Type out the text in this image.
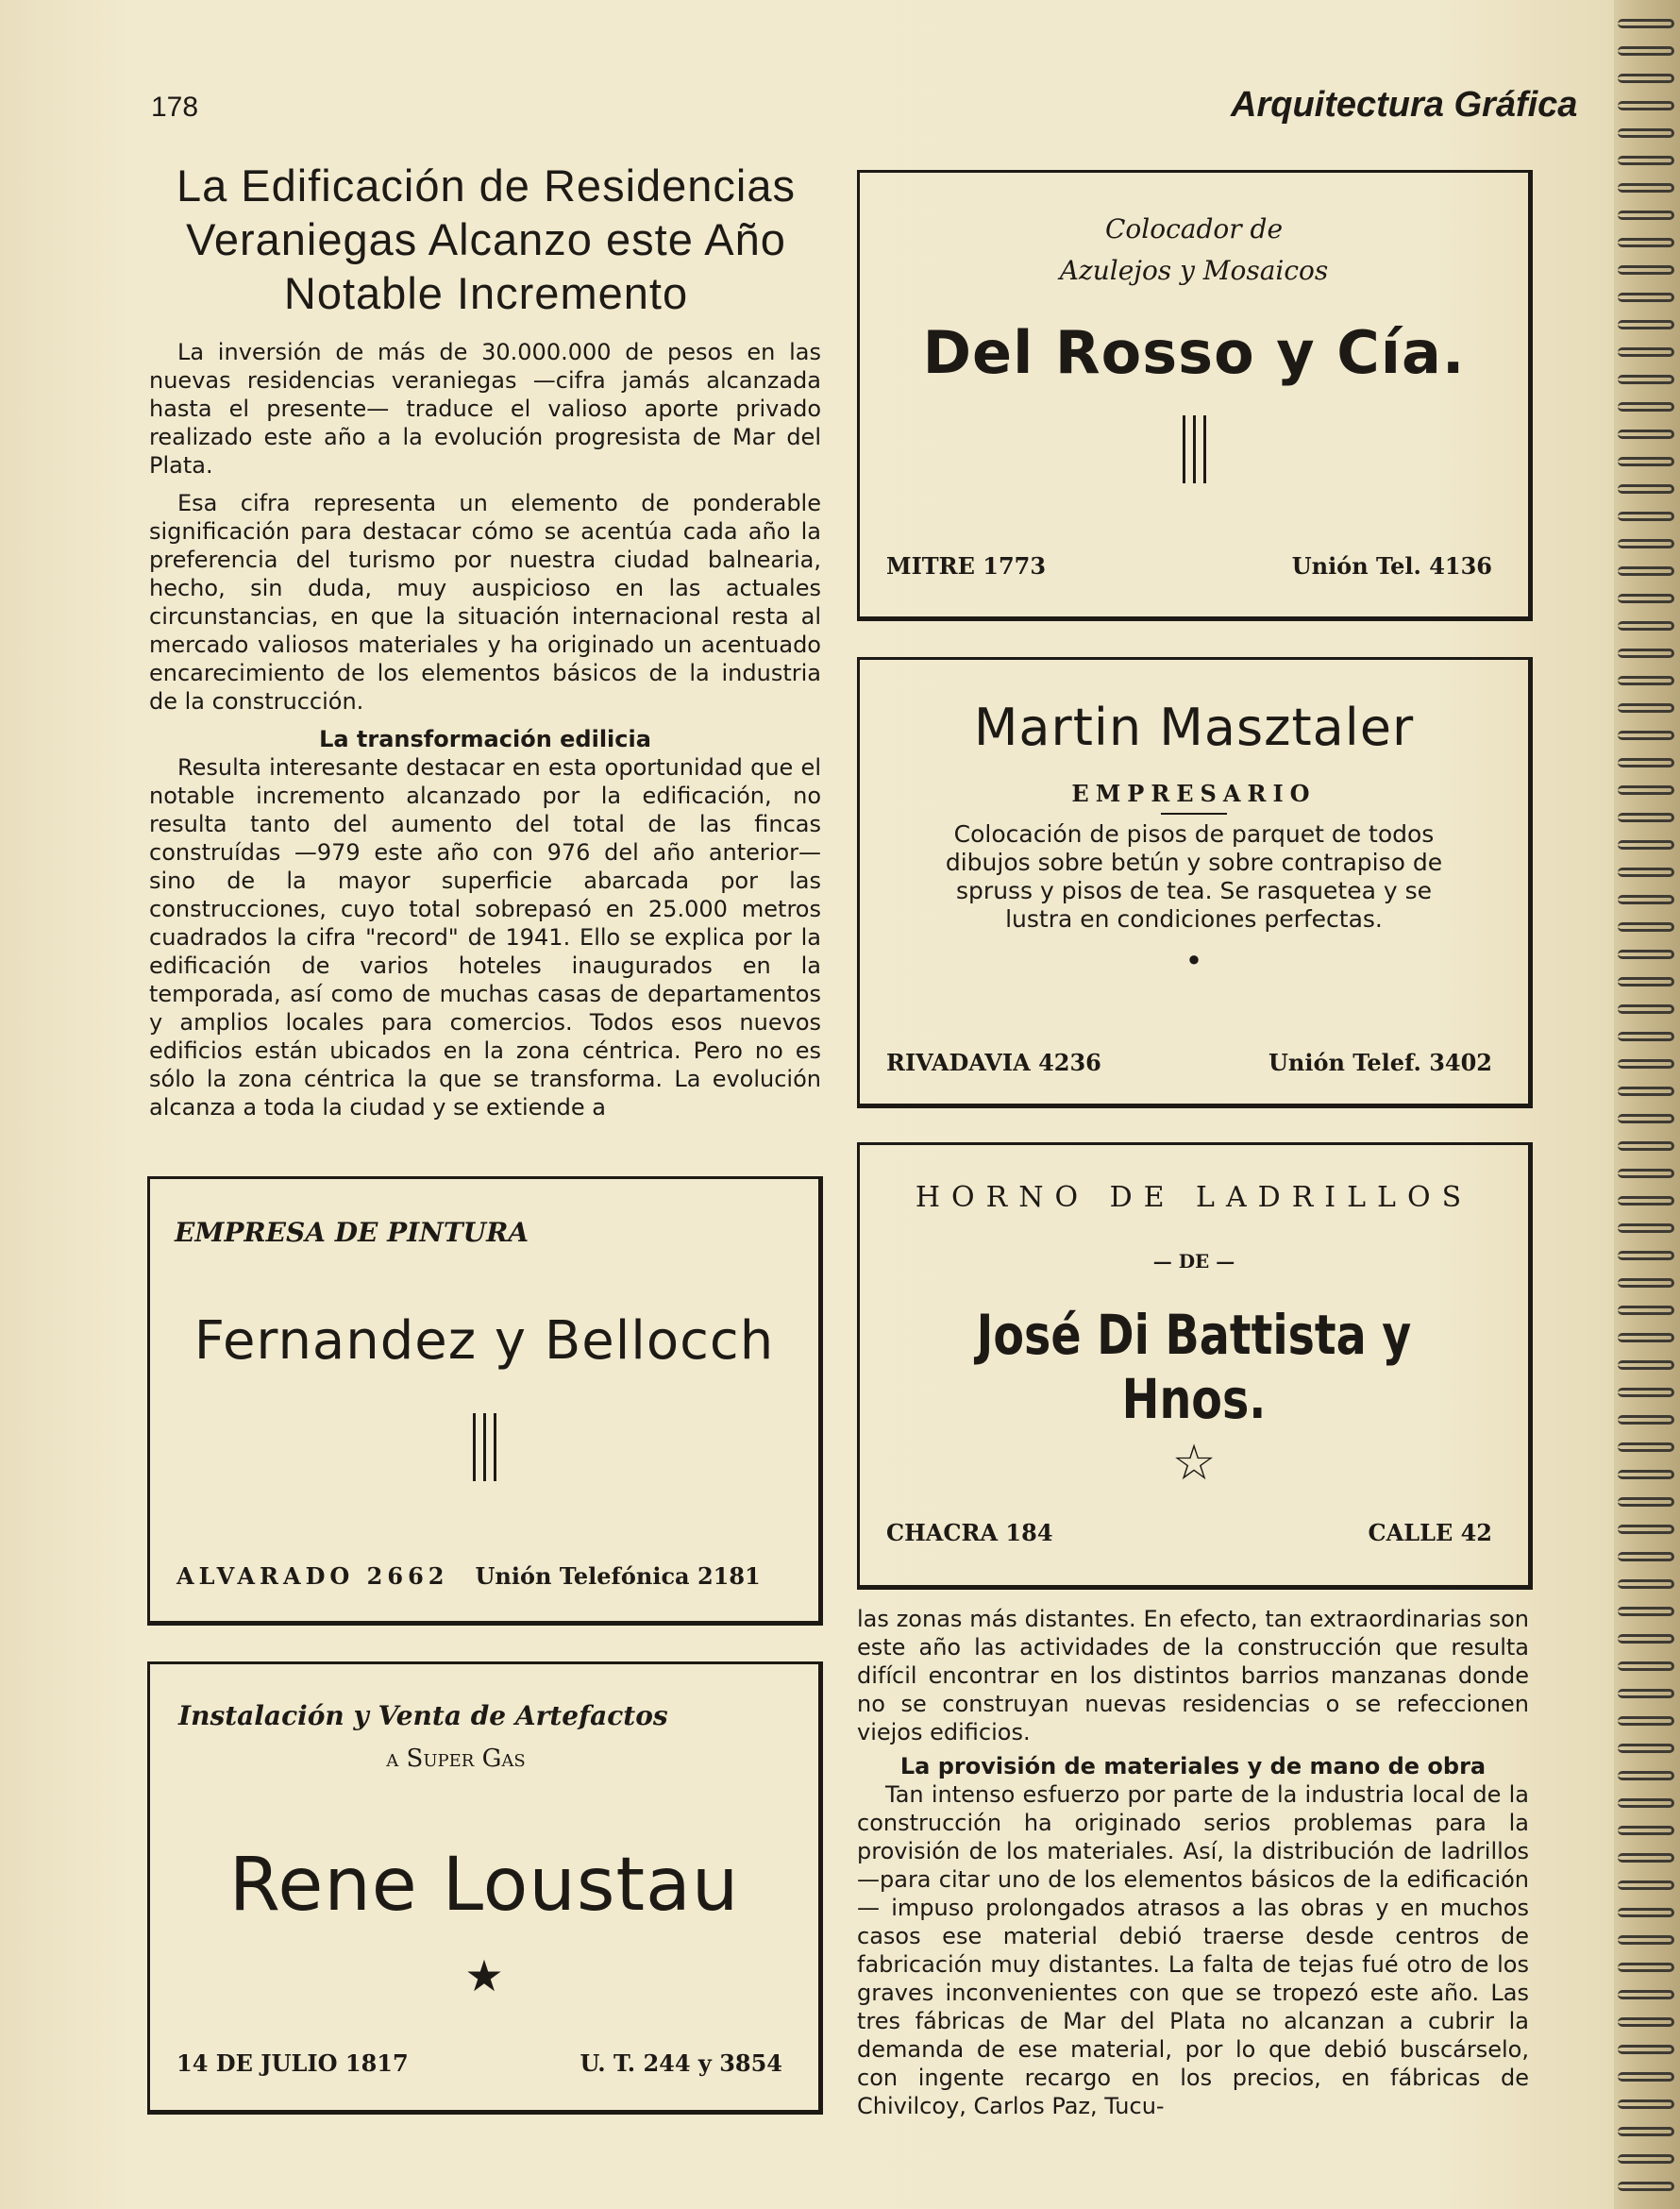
178	Arquitectura Gráfica
La Edificación de Residencias
Veraniegas Alcanzo este Año
Notable Incremento

La inversión de más de 30.000.000 de pesos en las nuevas residencias veraniegas —cifra jamás alcanzada hasta el presente— traduce el valioso aporte privado realizado este año a la evolución progresista de Mar del Plata.

Esa cifra representa un elemento de ponderable significación para destacar cómo se acentúa cada año la preferencia del turismo por nuestra ciudad balnearia, hecho, sin duda, muy auspicioso en las actuales circunstancias, en que la situación internacional resta al mercado valiosos materiales y ha originado un acentuado encarecimiento de los elementos básicos de la industria de la construcción.

La transformación edilicia

Resulta interesante destacar en esta oportunidad que el notable incremento alcanzado por la edificación, no resulta tanto del aumento del total de las fincas construídas —979 este año con 976 del año anterior— sino de la mayor superficie abarcada por las construcciones, cuyo total sobrepasó en 25.000 metros cuadrados la cifra "record" de 1941. Ello se explica por la edificación de varios hoteles inaugurados en la temporada, así como de muchas casas de departamentos y amplios locales para comercios. Todos esos nuevos edificios están ubicados en la zona céntrica. Pero no es sólo la zona céntrica la que se transforma. La evolución alcanza a toda la ciudad y se extiende a

Colocador de
Azulejos y Mosaicos
Del Rosso y Cía.
MITRE 1773	Unión Tel. 4136
Martin Masztaler
EMPRESARIO
Colocación de pisos de parquet de todos dibujos sobre betún y sobre contrapiso de spruss y pisos de tea. Se rasquetea y se lustra en condiciones perfectas.
●
RIVADAVIA 4236	Unión Telef. 3402
HORNO DE LADRILLOS
— DE —
José Di Battista y Hnos.
☆
CHACRA 184	CALLE 42
EMPRESA DE PINTURA
Fernandez y Bellocch
ALVARADO 2662 Unión Telefónica 2181
Instalación y Venta de Artefactos
a Super Gas
Rene Loustau
★
14 DE JULIO 1817	U. T. 244 y 3854

las zonas más distantes. En efecto, tan extraordinarias son este año las actividades de la construcción que resulta difícil encontrar en los distintos barrios manzanas donde no se construyan nuevas residencias o se refeccionen viejos edificios.

La provisión de materiales y de mano de obra

Tan intenso esfuerzo por parte de la industria local de la construcción ha originado serios problemas para la provisión de los materiales. Así, la distribución de ladrillos —para citar uno de los elementos básicos de la edificación— impuso prolongados atrasos a las obras y en muchos casos ese material debió traerse desde centros de fabricación muy distantes. La falta de tejas fué otro de los graves inconvenientes con que se tropezó este año. Las tres fábricas de Mar del Plata no alcanzan a cubrir la demanda de ese material, por lo que debió buscárselo, con ingente recargo en los precios, en fábricas de Chivilcoy, Carlos Paz, Tucu-
